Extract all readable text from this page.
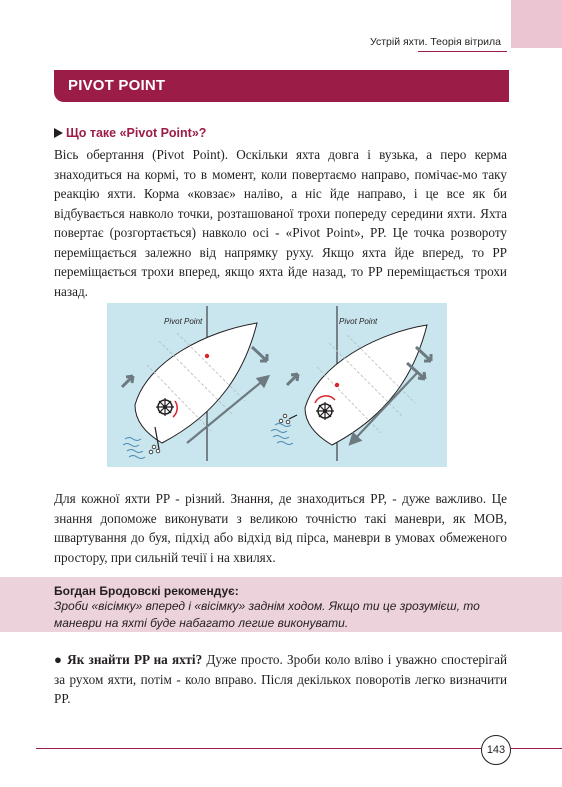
Устрій яхти. Теорія вітрила
PIVOT POINT
Що таке «Pivot Point»?
Вісь обертання (Pivot Point). Оскільки яхта довга і вузька, а перо керма знаходиться на кормі, то в момент, коли повертаємо направо, помічає-мо таку реакцію яхти. Корма «ковзає» наліво, а ніс йде направо, і це все як би відбувається навколо точки, розташованої трохи попереду середини яхти. Яхта повертає (розгортається) навколо осі - «Pivot Point», PP. Це точка розвороту переміщається залежно від напрямку руху. Якщо яхта йде вперед, то PP переміщається трохи вперед, якщо яхта йде назад, то PP переміщається трохи назад.
Pivot Point	Pivot Point
Для кожної яхти PP - різний. Знання, де знаходиться PP, - дуже важливо. Це знання допоможе виконувати з великою точністю такі маневри, як MOB, швартування до буя, підхід або відхід від пірса, маневри в умовах обмеженого простору, при сильній течії і на хвилях.
Богдан Бродовскі рекомендує:
Зроби «вісімку» вперед і «вісімку» заднім ходом. Якщо ти це зрозумієш, то маневри на яхті буде набагато легше виконувати.
● Як знайти PP на яхті? Дуже просто. Зроби коло вліво і уважно спостерігай за рухом яхти, потім - коло вправо. Після декількох поворотів легко визначити PP.
143
